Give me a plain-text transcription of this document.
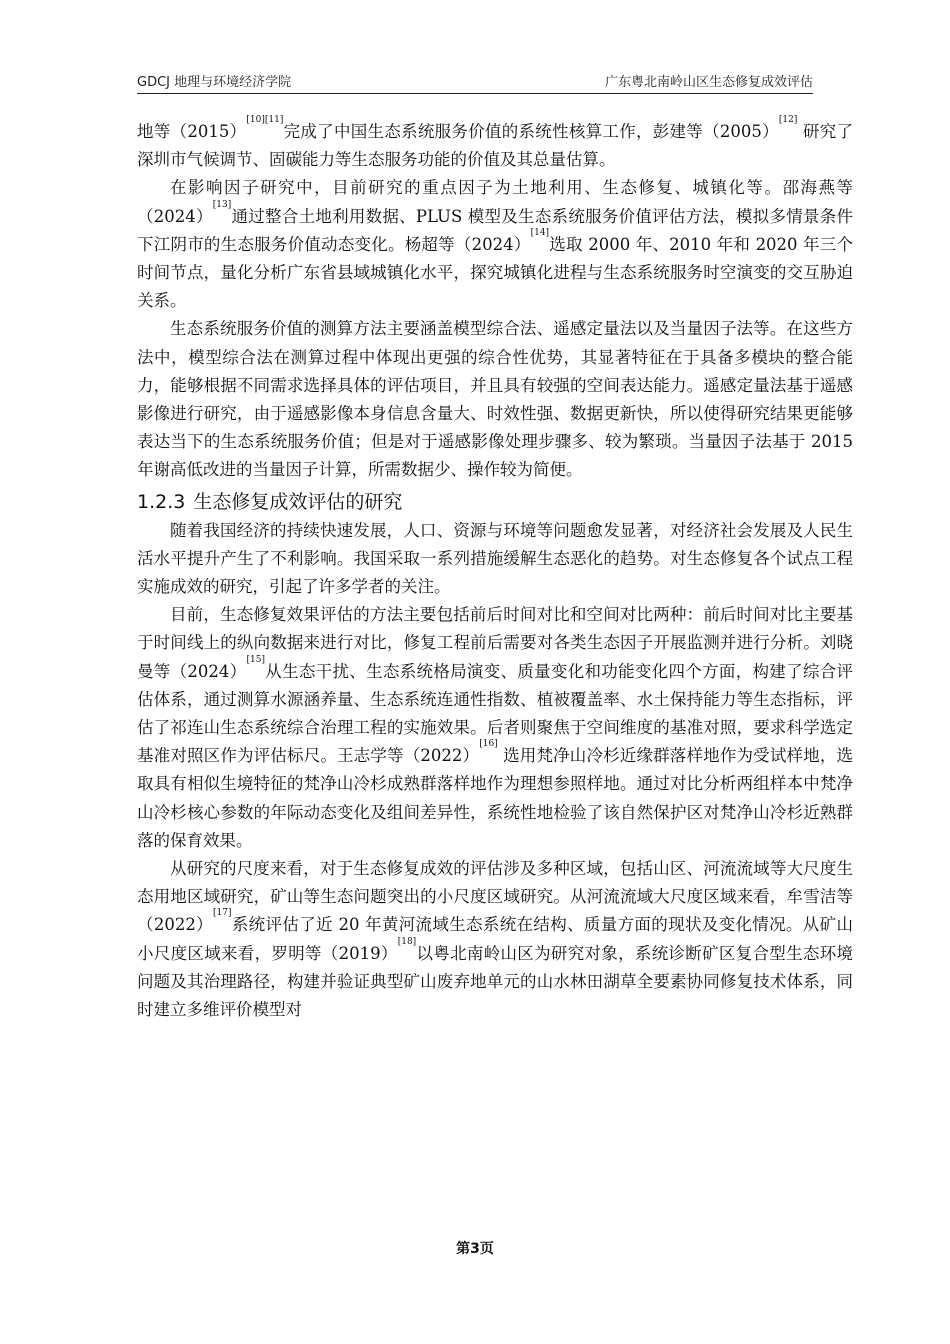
GDCJ 地理与环境经济学院	广东粤北南岭山区生态修复成效评估

地等（2015）[10][11]完成了中国生态系统服务价值的系统性核算工作，彭建等（2005）[12] 研究了深圳市气候调节、固碳能力等生态服务功能的价值及其总量估算。

在影响因子研究中，目前研究的重点因子为土地利用、生态修复、城镇化等。邵海燕等（2024）[13]通过整合土地利用数据、PLUS 模型及生态系统服务价值评估方法，模拟多情景条件下江阴市的生态服务价值动态变化。杨超等（2024）[14]选取 2000 年、2010 年和 2020 年三个时间节点，量化分析广东省县域城镇化水平，探究城镇化进程与生态系统服务时空演变的交互胁迫关系。

生态系统服务价值的测算方法主要涵盖模型综合法、遥感定量法以及当量因子法等。在这些方法中，模型综合法在测算过程中体现出更强的综合性优势，其显著特征在于具备多模块的整合能力，能够根据不同需求选择具体的评估项目，并且具有较强的空间表达能力。遥感定量法基于遥感影像进行研究，由于遥感影像本身信息含量大、时效性强、数据更新快，所以使得研究结果更能够表达当下的生态系统服务价值；但是对于遥感影像处理步骤多、较为繁琐。当量因子法基于 2015 年谢高低改进的当量因子计算，所需数据少、操作较为简便。

1.2.3 生态修复成效评估的研究

随着我国经济的持续快速发展，人口、资源与环境等问题愈发显著，对经济社会发展及人民生活水平提升产生了不利影响。我国采取一系列措施缓解生态恶化的趋势。对生态修复各个试点工程实施成效的研究，引起了许多学者的关注。

目前，生态修复效果评估的方法主要包括前后时间对比和空间对比两种：前后时间对比主要基于时间线上的纵向数据来进行对比，修复工程前后需要对各类生态因子开展监测并进行分析。刘晓曼等（2024）[15]从生态干扰、生态系统格局演变、质量变化和功能变化四个方面，构建了综合评估体系，通过测算水源涵养量、生态系统连通性指数、植被覆盖率、水土保持能力等生态指标，评估了祁连山生态系统综合治理工程的实施效果。后者则聚焦于空间维度的基准对照，要求科学选定基准对照区作为评估标尺。王志学等（2022）[16] 选用梵净山冷杉近缘群落样地作为受试样地，选取具有相似生境特征的梵净山冷杉成熟群落样地作为理想参照样地。通过对比分析两组样本中梵净山冷杉核心参数的年际动态变化及组间差异性，系统性地检验了该自然保护区对梵净山冷杉近熟群落的保育效果。

从研究的尺度来看，对于生态修复成效的评估涉及多种区域，包括山区、河流流域等大尺度生态用地区域研究，矿山等生态问题突出的小尺度区域研究。从河流流域大尺度区域来看，牟雪洁等（2022）[17]系统评估了近 20 年黄河流域生态系统在结构、质量方面的现状及变化情况。从矿山小尺度区域来看，罗明等（2019）[18]以粤北南岭山区为研究对象，系统诊断矿区复合型生态环境问题及其治理路径，构建并验证典型矿山废弃地单元的山水林田湖草全要素协同修复技术体系，同时建立多维评价模型对

第3页
